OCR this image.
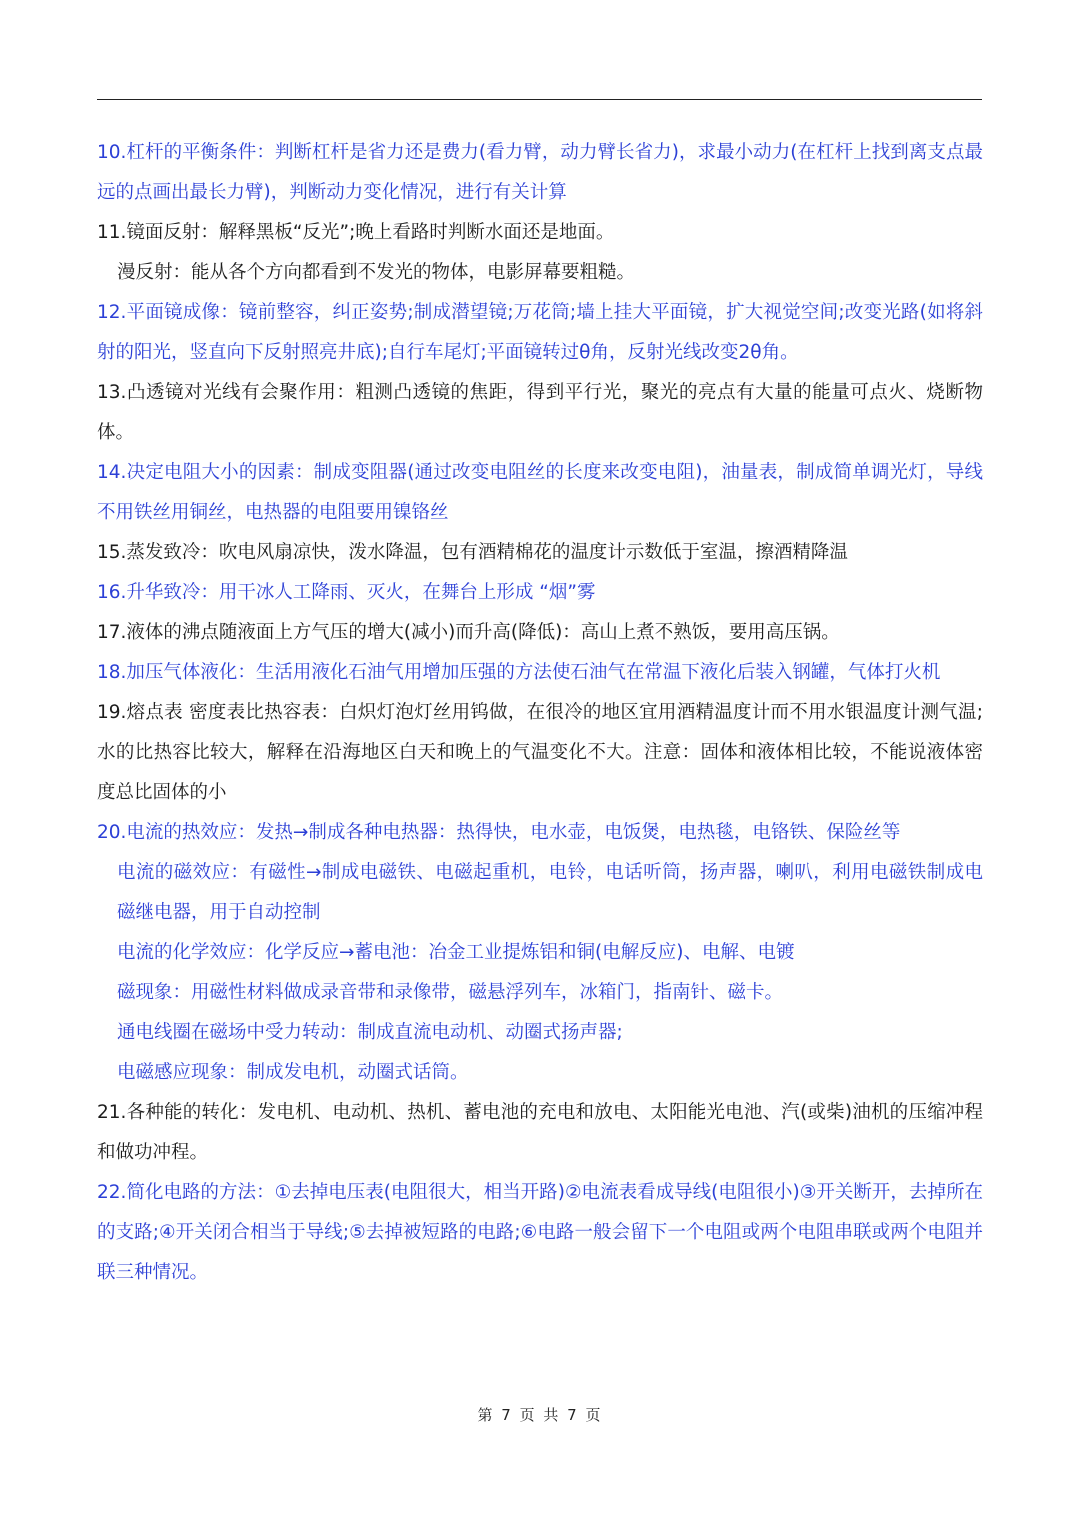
10.杠杆的平衡条件：判断杠杆是省力还是费力(看力臂，动力臂长省力)，求最小动力(在杠杆上找到离支点最远的点画出最长力臂)，判断动力变化情况，进行有关计算

11.镜面反射：解释黑板“反光”;晚上看路时判断水面还是地面。

漫反射：能从各个方向都看到不发光的物体，电影屏幕要粗糙。

12.平面镜成像：镜前整容，纠正姿势;制成潜望镜;万花筒;墙上挂大平面镜，扩大视觉空间;改变光路(如将斜射的阳光，竖直向下反射照亮井底);自行车尾灯;平面镜转过θ角，反射光线改变2θ角。

13.凸透镜对光线有会聚作用：粗测凸透镜的焦距，得到平行光，聚光的亮点有大量的能量可点火、烧断物体。

14.决定电阻大小的因素：制成变阻器(通过改变电阻丝的长度来改变电阻)，油量表，制成简单调光灯，导线不用铁丝用铜丝，电热器的电阻要用镍铬丝

15.蒸发致冷：吹电风扇凉快，泼水降温，包有酒精棉花的温度计示数低于室温，擦酒精降温

16.升华致冷：用干冰人工降雨、灭火，在舞台上形成 “烟”雾

17.液体的沸点随液面上方气压的增大(减小)而升高(降低)：高山上煮不熟饭，要用高压锅。

18.加压气体液化：生活用液化石油气用增加压强的方法使石油气在常温下液化后装入钢罐，气体打火机

19.熔点表 密度表比热容表：白炽灯泡灯丝用钨做，在很冷的地区宜用酒精温度计而不用水银温度计测气温;水的比热容比较大，解释在沿海地区白天和晚上的气温变化不大。注意：固体和液体相比较，不能说液体密度总比固体的小

20.电流的热效应：发热→制成各种电热器：热得快，电水壶，电饭煲，电热毯，电铬铁、保险丝等

电流的磁效应：有磁性→制成电磁铁、电磁起重机，电铃，电话听筒，扬声器，喇叭，利用电磁铁制成电磁继电器，用于自动控制

电流的化学效应：化学反应→蓄电池：冶金工业提炼铝和铜(电解反应)、电解、电镀

磁现象：用磁性材料做成录音带和录像带，磁悬浮列车，冰箱门，指南针、磁卡。

通电线圈在磁场中受力转动：制成直流电动机、动圈式扬声器;

电磁感应现象：制成发电机，动圈式话筒。

21.各种能的转化：发电机、电动机、热机、蓄电池的充电和放电、太阳能光电池、汽(或柴)油机的压缩冲程和做功冲程。

22.简化电路的方法：①去掉电压表(电阻很大，相当开路)②电流表看成导线(电阻很小)③开关断开，去掉所在的支路;④开关闭合相当于导线;⑤去掉被短路的电路;⑥电路一般会留下一个电阻或两个电阻串联或两个电阻并联三种情况。

第 7 页 共 7 页
